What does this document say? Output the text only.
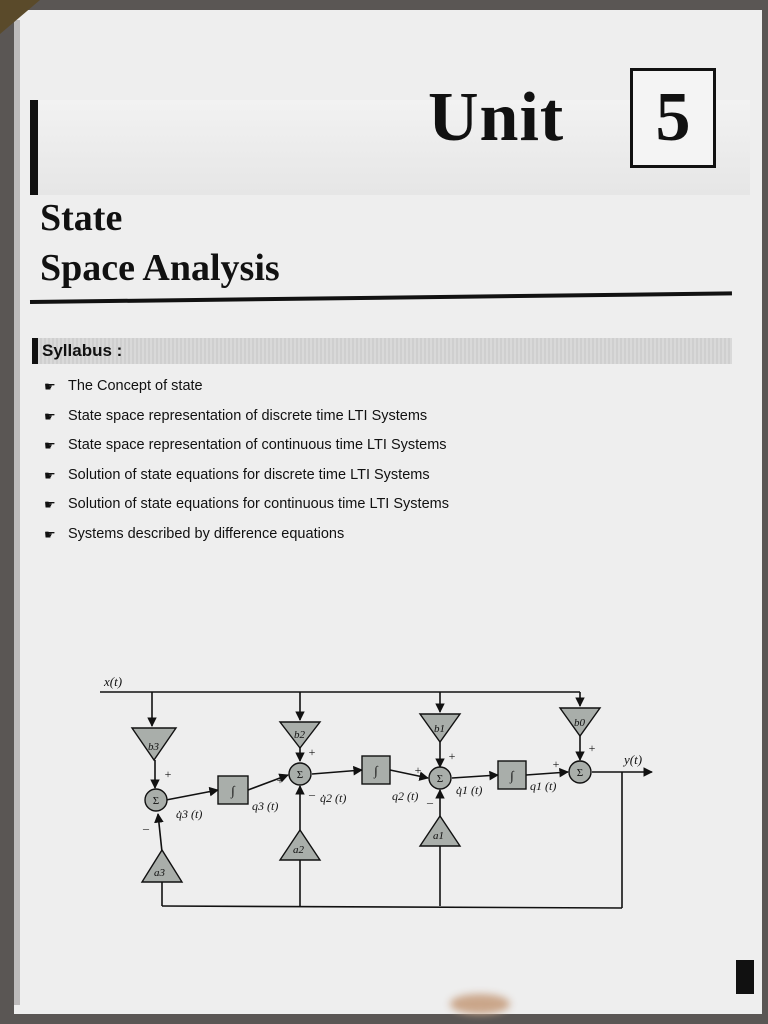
Unit 5
State
Space Analysis
Syllabus :
☛ The Concept of state
☛ State space representation of discrete time LTI Systems
☛ State space representation of continuous time LTI Systems
☛ Solution of state equations for discrete time LTI Systems
☛ Solution of state equations for continuous time LTI Systems
☛ Systems described by difference equations
x(t)
y(t)
b3
b2	b1	b0
a3
a2
a1
q̇3 (t)
q3 (t)
q̇2 (t)	q2 (t)	q̇1 (t)	q1 (t)
∫
∫	∫
Σ
Σ	Σ	Σ
+
–
+
+
–
+
+
–
+
+
